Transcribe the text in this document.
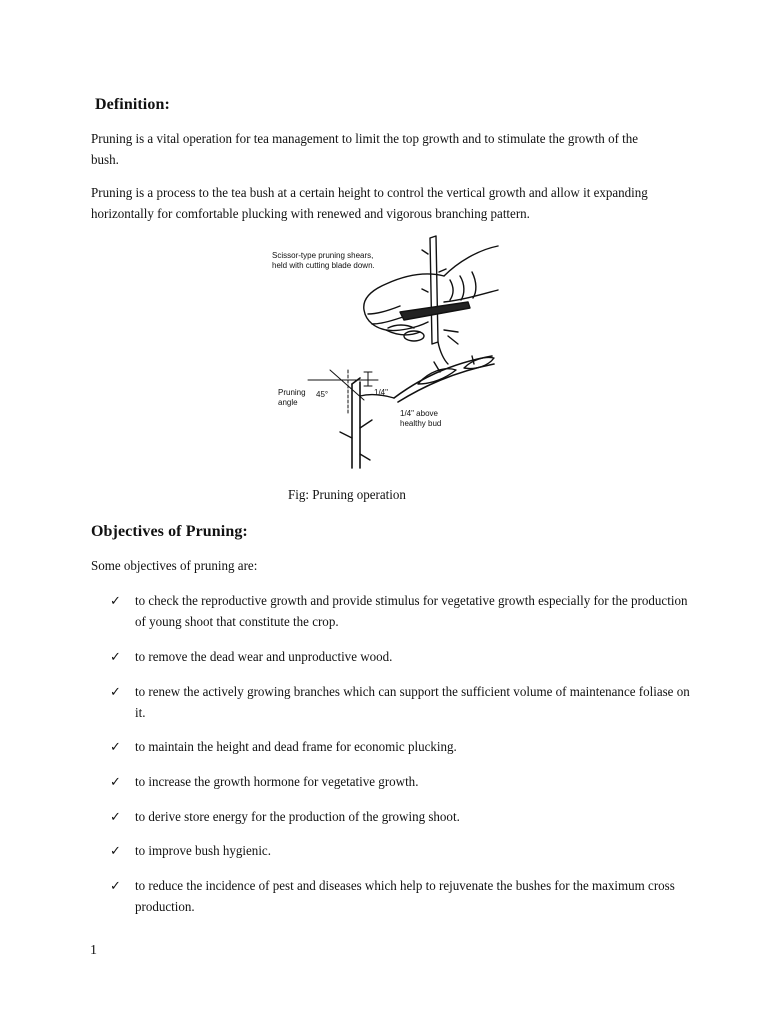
Definition:
Pruning is a vital operation for tea management to limit the top growth and to stimulate the growth of the bush.
Pruning is a process to the tea bush at a certain height to control the vertical growth and allow it expanding horizontally for comfortable plucking with renewed and vigorous branching pattern.
Scissor-type pruning shears,
held with cutting blade down.
Pruning
angle
45°	1/4"
1/4" above
healthy bud
Fig: Pruning operation
Objectives of Pruning:
Some objectives of pruning are:
✓ to check the reproductive growth and provide stimulus for vegetative growth especially for the production of young shoot that constitute the crop.
✓ to remove the dead wear and unproductive wood.
✓ to renew the actively growing branches which can support the sufficient volume of maintenance foliase on it.
✓ to maintain the height and dead frame for economic plucking.
✓ to increase the growth hormone for vegetative growth.
✓ to derive store energy for the production of the growing shoot.
✓ to improve bush hygienic.
✓ to reduce the incidence of pest and diseases which help to rejuvenate the bushes for the maximum cross production.
1
